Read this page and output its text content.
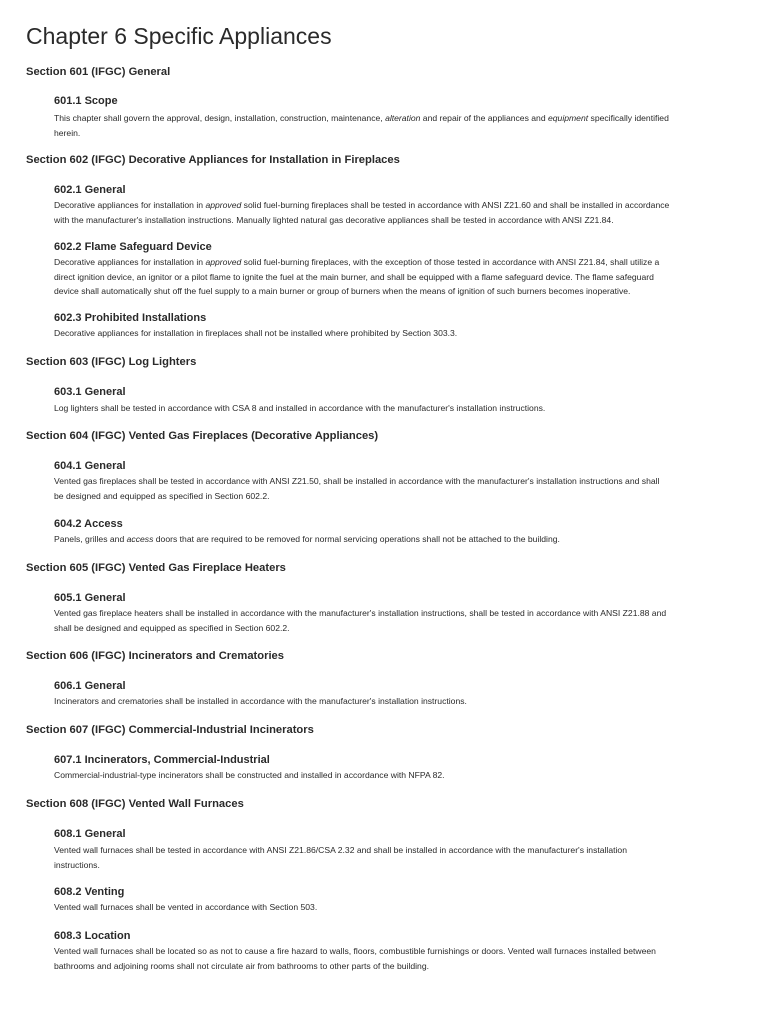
Chapter 6 Specific Appliances
Section 601 (IFGC) General
601.1 Scope
This chapter shall govern the approval, design, installation, construction, maintenance, alteration and repair of the appliances and equipment specifically identified
herein.
Section 602 (IFGC) Decorative Appliances for Installation in Fireplaces
602.1 General
Decorative appliances for installation in approved solid fuel-burning fireplaces shall be tested in accordance with ANSI Z21.60 and shall be installed in accordance
with the manufacturer's installation instructions. Manually lighted natural gas decorative appliances shall be tested in accordance with ANSI Z21.84.
602.2 Flame Safeguard Device
Decorative appliances for installation in approved solid fuel-burning fireplaces, with the exception of those tested in accordance with ANSI Z21.84, shall utilize a
direct ignition device, an ignitor or a pilot flame to ignite the fuel at the main burner, and shall be equipped with a flame safeguard device. The flame safeguard
device shall automatically shut off the fuel supply to a main burner or group of burners when the means of ignition of such burners becomes inoperative.
602.3 Prohibited Installations
Decorative appliances for installation in fireplaces shall not be installed where prohibited by Section 303.3.
Section 603 (IFGC) Log Lighters
603.1 General
Log lighters shall be tested in accordance with CSA 8 and installed in accordance with the manufacturer's installation instructions.
Section 604 (IFGC) Vented Gas Fireplaces (Decorative Appliances)
604.1 General
Vented gas fireplaces shall be tested in accordance with ANSI Z21.50, shall be installed in accordance with the manufacturer's installation instructions and shall
be designed and equipped as specified in Section 602.2.
604.2 Access
Panels, grilles and access doors that are required to be removed for normal servicing operations shall not be attached to the building.
Section 605 (IFGC) Vented Gas Fireplace Heaters
605.1 General
Vented gas fireplace heaters shall be installed in accordance with the manufacturer's installation instructions, shall be tested in accordance with ANSI Z21.88 and
shall be designed and equipped as specified in Section 602.2.
Section 606 (IFGC) Incinerators and Crematories
606.1 General
Incinerators and crematories shall be installed in accordance with the manufacturer's installation instructions.
Section 607 (IFGC) Commercial-Industrial Incinerators
607.1 Incinerators, Commercial-Industrial
Commercial-industrial-type incinerators shall be constructed and installed in accordance with NFPA 82.
Section 608 (IFGC) Vented Wall Furnaces
608.1 General
Vented wall furnaces shall be tested in accordance with ANSI Z21.86/CSA 2.32 and shall be installed in accordance with the manufacturer's installation
instructions.
608.2 Venting
Vented wall furnaces shall be vented in accordance with Section 503.
608.3 Location
Vented wall furnaces shall be located so as not to cause a fire hazard to walls, floors, combustible furnishings or doors. Vented wall furnaces installed between
bathrooms and adjoining rooms shall not circulate air from bathrooms to other parts of the building.
